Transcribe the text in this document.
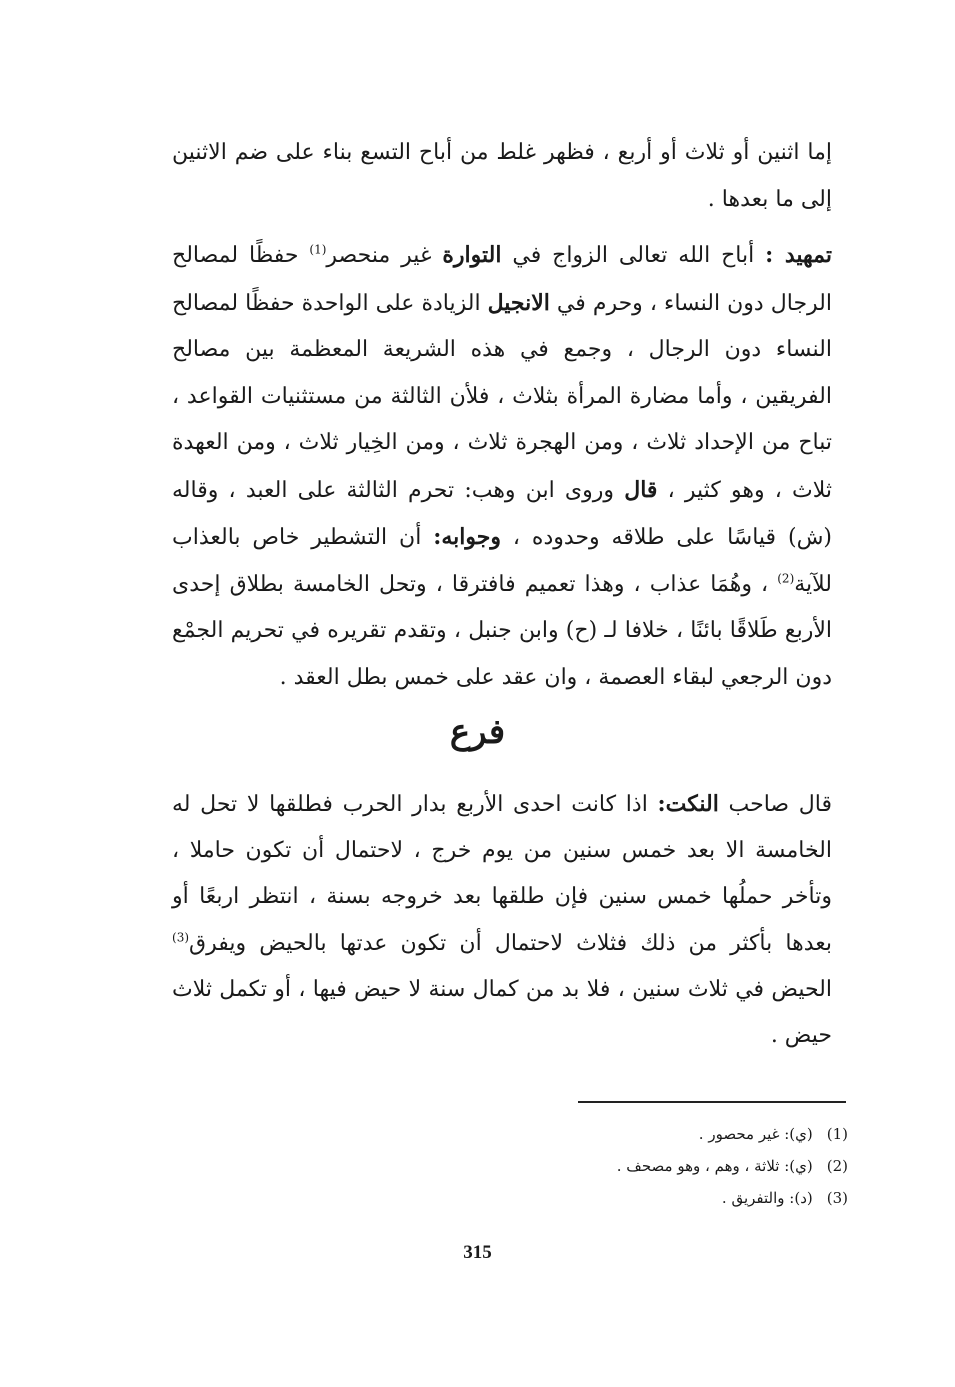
إما اثنين أو ثلاث أو أربع ، فظهر غلط من أباح التسع بناء على ضم الاثنين إلى ما بعدها .

تمهيد : أباح الله تعالى الزواج في التوارة غير منحصر$^{(1)}$ حفظًا لمصالح الرجال دون النساء ، وحرم في الانجيل الزيادة على الواحدة حفظًا لمصالح النساء دون الرجال ، وجمع في هذه الشريعة المعظمة بين مصالح الفريقين ، وأما مضارة المرأة بثلاث ، فلأن الثالثة من مستثنيات القواعد ، تباح من الإحداد ثلاث ، ومن الهجرة ثلاث ، ومن الخِيار ثلاث ، ومن العهدة ثلاث ، وهو كثير ، قال وروى ابن وهب: تحرم الثالثة على العبد ، وقاله (ش) قياسًا على طلاقه وحدوده ، وجوابه: أن التشطير خاص بالعذاب للآية$^{(2)}$ ، وهُمَا عذاب ، وهذا تعميم فافترقا ، وتحل الخامسة بطلاق إحدى الأربع طَلاقًا بائنًا ، خلافا لـ (ح) وابن جنبل ، وتقدم تقريره في تحريم الجمْع دون الرجعي لبقاء العصمة ، وان عقد على خمس بطل العقد .

فرع

قال صاحب النكت: اذا كانت احدى الأربع بدار الحرب فطلقها لا تحل له الخامسة الا بعد خمس سنين من يوم خرج ، لاحتمال أن تكون حاملا ، وتأخر حملُها خمس سنين فإن طلقها بعد خروجه بسنة ، انتظر اربعًا أو بعدها بأكثر من ذلك فثلاث لاحتمال أن تكون عدتها بالحيض ويفرق$^{(3)}$ الحيض في ثلاث سنين ، فلا بد من كمال سنة لا حيض فيها ، أو تكمل ثلاث حيض .

(1)(ي): غير محصور .
(2)(ي): ثلاثة ، وهم ، وهو مصحف .
(3)(د): والتفريق .
315
